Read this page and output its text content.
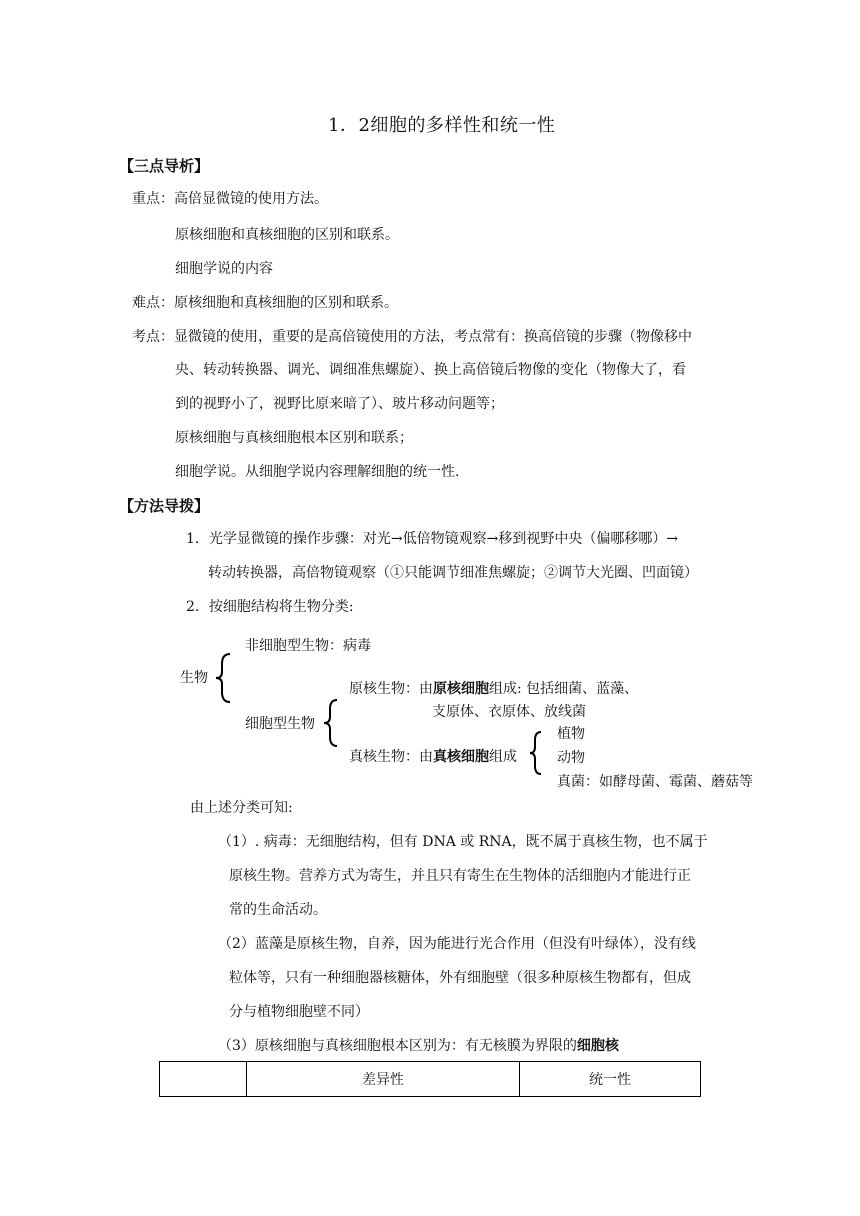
1．2细胞的多样性和统一性
【三点导析】
重点：高倍显微镜的使用方法。
原核细胞和真核细胞的区别和联系。
细胞学说的内容
难点：原核细胞和真核细胞的区别和联系。
考点：显微镜的使用，重要的是高倍镜使用的方法，考点常有：换高倍镜的步骤（物像移中
央、转动转换器、调光、调细准焦螺旋）、换上高倍镜后物像的变化（物像大了，看
到的视野小了，视野比原来暗了）、玻片移动问题等；
原核细胞与真核细胞根本区别和联系；
细胞学说。从细胞学说内容理解细胞的统一性.
【方法导拨】
1．光学显微镜的操作步骤：对光→低倍物镜观察→移到视野中央（偏哪移哪）→
转动转换器，高倍物镜观察（①只能调节细准焦螺旋；②调节大光圈、凹面镜）
2．按细胞结构将生物分类:
非细胞型生物：病毒
生物
原核生物：由原核细胞组成: 包括细菌、蓝藻、
支原体、衣原体、放线菌
细胞型生物
植物
真核生物：由真核细胞组成	动物
真菌：如酵母菌、霉菌、蘑菇等
由上述分类可知:
（1）. 病毒：无细胞结构，但有 DNA 或 RNA，既不属于真核生物，也不属于
原核生物。营养方式为寄生，并且只有寄生在生物体的活细胞内才能进行正
常的生命活动。
（2）蓝藻是原核生物，自养，因为能进行光合作用（但没有叶绿体），没有线
粒体等，只有一种细胞器核糖体，外有细胞壁（很多种原核生物都有，但成
分与植物细胞壁不同）
（3）原核细胞与真核细胞根本区别为：有无核膜为界限的细胞核
	差异性	统一性
